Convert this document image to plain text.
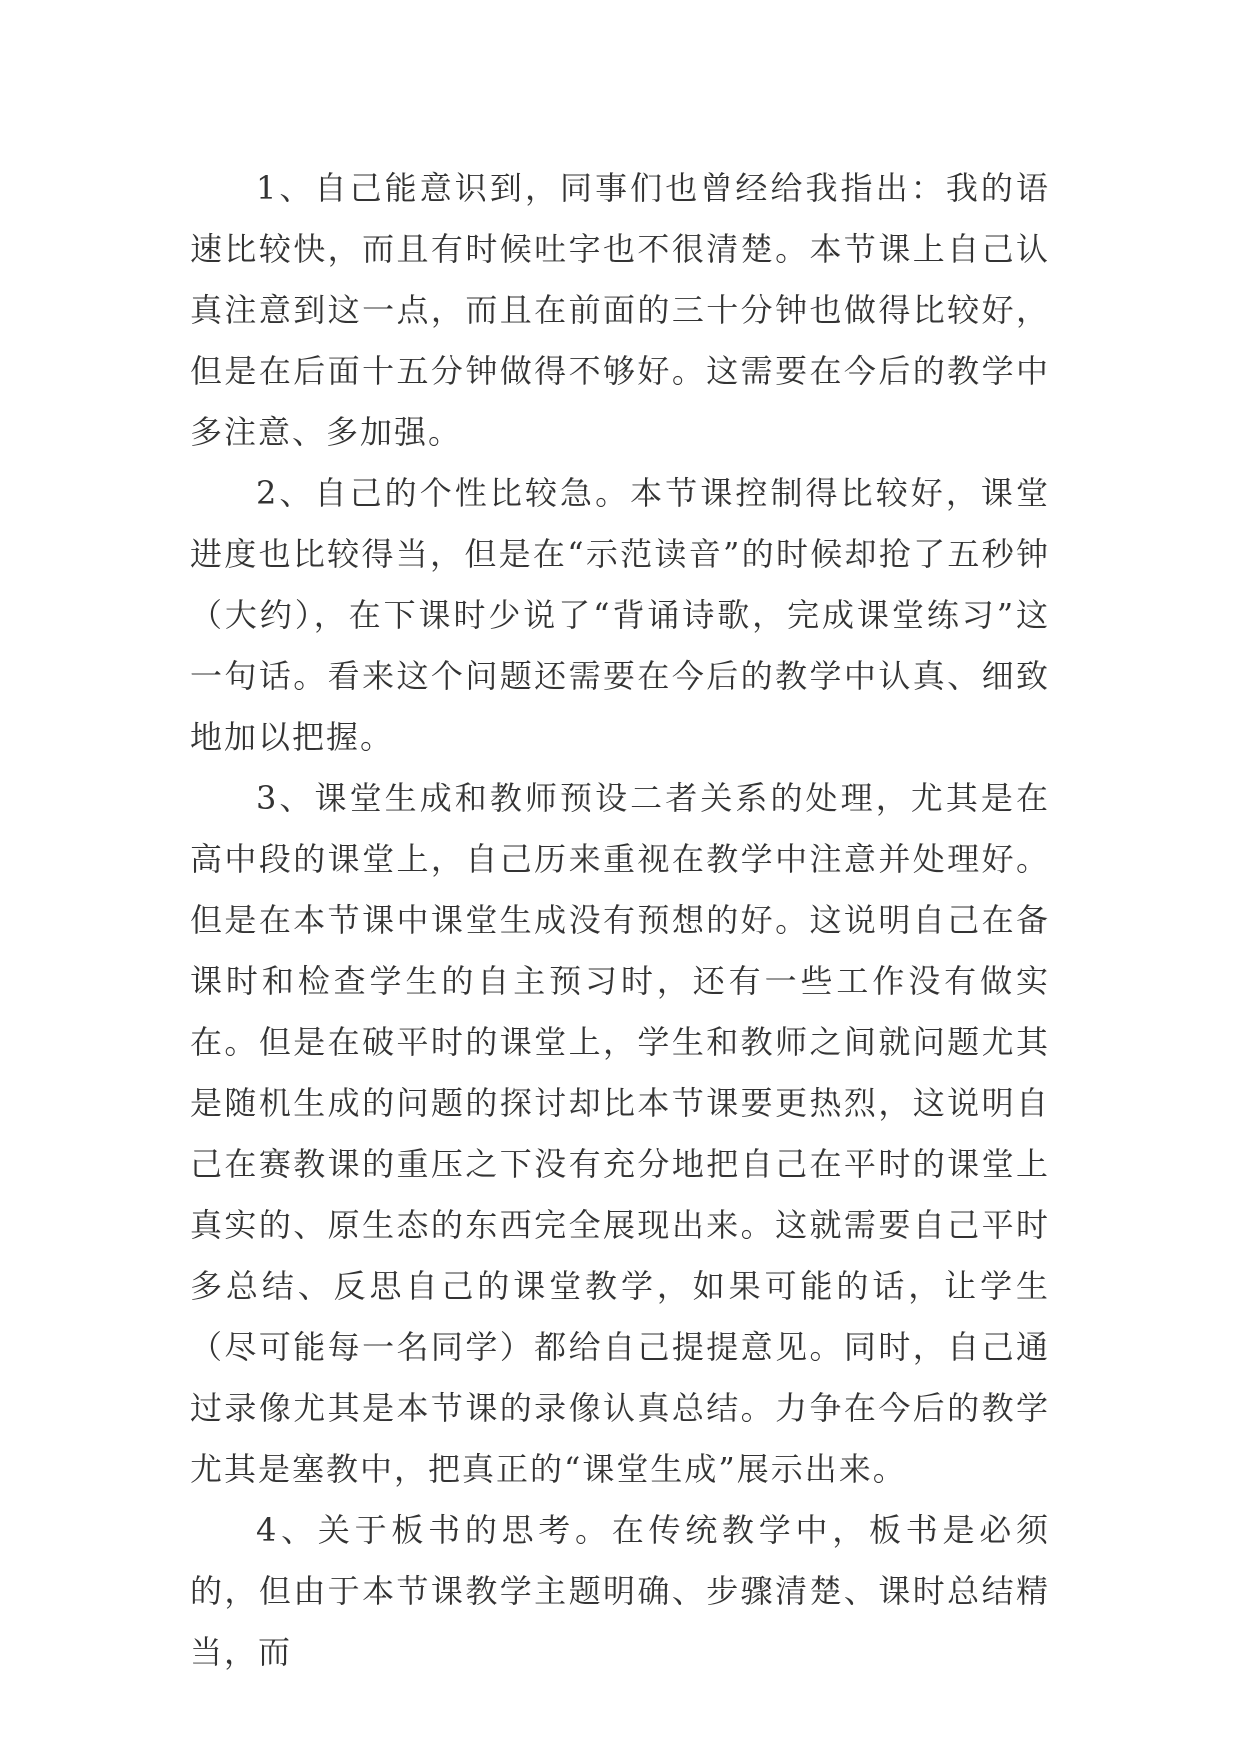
1、自己能意识到，同事们也曾经给我指出：我的语速比较快，而且有时候吐字也不很清楚。本节课上自己认真注意到这一点，而且在前面的三十分钟也做得比较好，但是在后面十五分钟做得不够好。这需要在今后的教学中多注意、多加强。

2、自己的个性比较急。本节课控制得比较好，课堂进度也比较得当，但是在“示范读音”的时候却抢了五秒钟（大约），在下课时少说了“背诵诗歌，完成课堂练习”这一句话。看来这个问题还需要在今后的教学中认真、细致地加以把握。

3、课堂生成和教师预设二者关系的处理，尤其是在高中段的课堂上，自己历来重视在教学中注意并处理好。但是在本节课中课堂生成没有预想的好。这说明自己在备课时和检查学生的自主预习时，还有一些工作没有做实在。但是在破平时的课堂上，学生和教师之间就问题尤其是随机生成的问题的探讨却比本节课要更热烈，这说明自己在赛教课的重压之下没有充分地把自己在平时的课堂上真实的、原生态的东西完全展现出来。这就需要自己平时多总结、反思自己的课堂教学，如果可能的话，让学生（尽可能每一名同学）都给自己提提意见。同时，自己通过录像尤其是本节课的录像认真总结。力争在今后的教学尤其是塞教中，把真正的“课堂生成”展示出来。

4、关于板书的思考。在传统教学中，板书是必须的，但由于本节课教学主题明确、步骤清楚、课时总结精当，而
